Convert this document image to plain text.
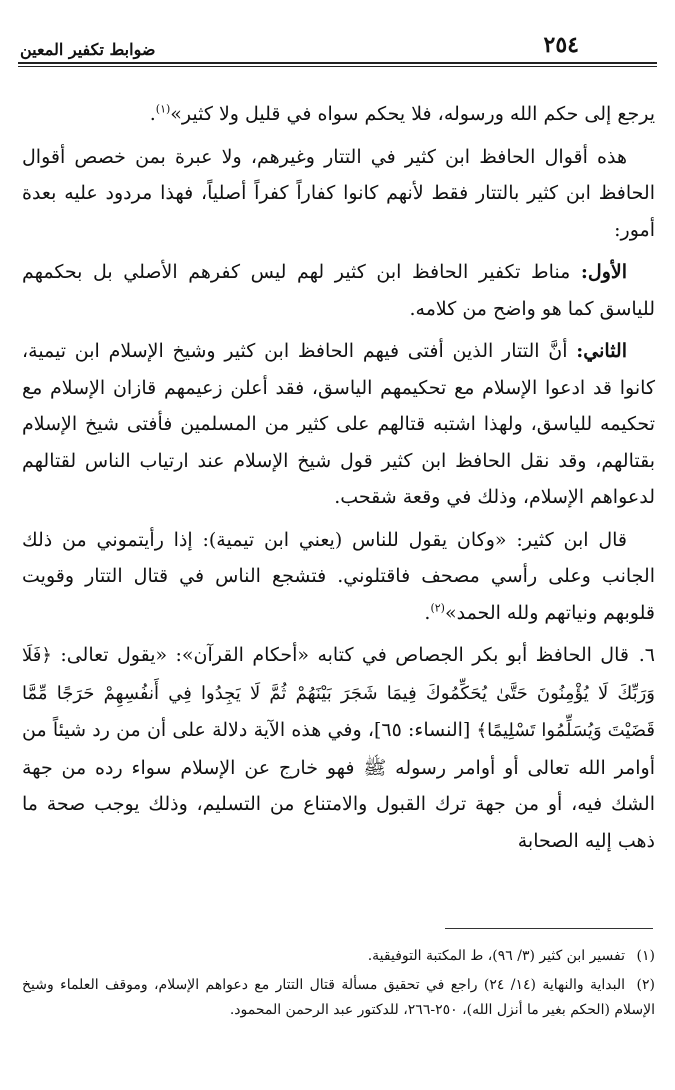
٢٥٤
ضوابط تكفير المعين

يرجع إلى حكم الله ورسوله، فلا يحكم سواه في قليل ولا كثير»$^{(١)}$.

هذه أقوال الحافظ ابن كثير في التتار وغيرهم، ولا عبرة بمن خصص أقوال الحافظ ابن كثير بالتتار فقط لأنهم كانوا كفاراً كفراً أصلياً، فهذا مردود عليه بعدة أمور:

الأول: مناط تكفير الحافظ ابن كثير لهم ليس كفرهم الأصلي بل بحكمهم للياسق كما هو واضح من كلامه.

الثاني: أنَّ التتار الذين أفتى فيهم الحافظ ابن كثير وشيخ الإسلام ابن تيمية، كانوا قد ادعوا الإسلام مع تحكيمهم الياسق، فقد أعلن زعيمهم قازان الإسلام مع تحكيمه للياسق، ولهذا اشتبه قتالهم على كثير من المسلمين فأفتى شيخ الإسلام بقتالهم، وقد نقل الحافظ ابن كثير قول شيخ الإسلام عند ارتياب الناس لقتالهم لدعواهم الإسلام، وذلك في وقعة شقحب.

قال ابن كثير: «وكان يقول للناس (يعني ابن تيمية): إذا رأيتموني من ذلك الجانب وعلى رأسي مصحف فاقتلوني. فتشجع الناس في قتال التتار وقويت قلوبهم ونياتهم ولله الحمد»$^{(٢)}$.

٦.قال الحافظ أبو بكر الجصاص في كتابه «أحكام القرآن»: «يقول تعالى: ﴿فَلَا وَرَبِّكَ لَا يُؤْمِنُونَ حَتَّىٰ يُحَكِّمُوكَ فِيمَا شَجَرَ بَيْنَهُمْ ثُمَّ لَا يَجِدُوا فِي أَنفُسِهِمْ حَرَجًا مِّمَّا قَضَيْتَ وَيُسَلِّمُوا تَسْلِيمًا﴾ [النساء: ٦٥]، وفي هذه الآية دلالة على أن من رد شيئاً من أوامر الله تعالى أو أوامر رسوله ﷺ فهو خارج عن الإسلام سواء رده من جهة الشك فيه، أو من جهة ترك القبول والامتناع من التسليم، وذلك يوجب صحة ما ذهب إليه الصحابة

(١)تفسير ابن كثير (٣/ ٩٦)، ط المكتبة التوفيقية.

(٢)البداية والنهاية (١٤/ ٢٤) راجع في تحقيق مسألة قتال التتار مع دعواهم الإسلام، وموقف العلماء وشيخ الإسلام (الحكم بغير ما أنزل الله)، ٢٥٠-٢٦٦، للدكتور عبد الرحمن المحمود.
